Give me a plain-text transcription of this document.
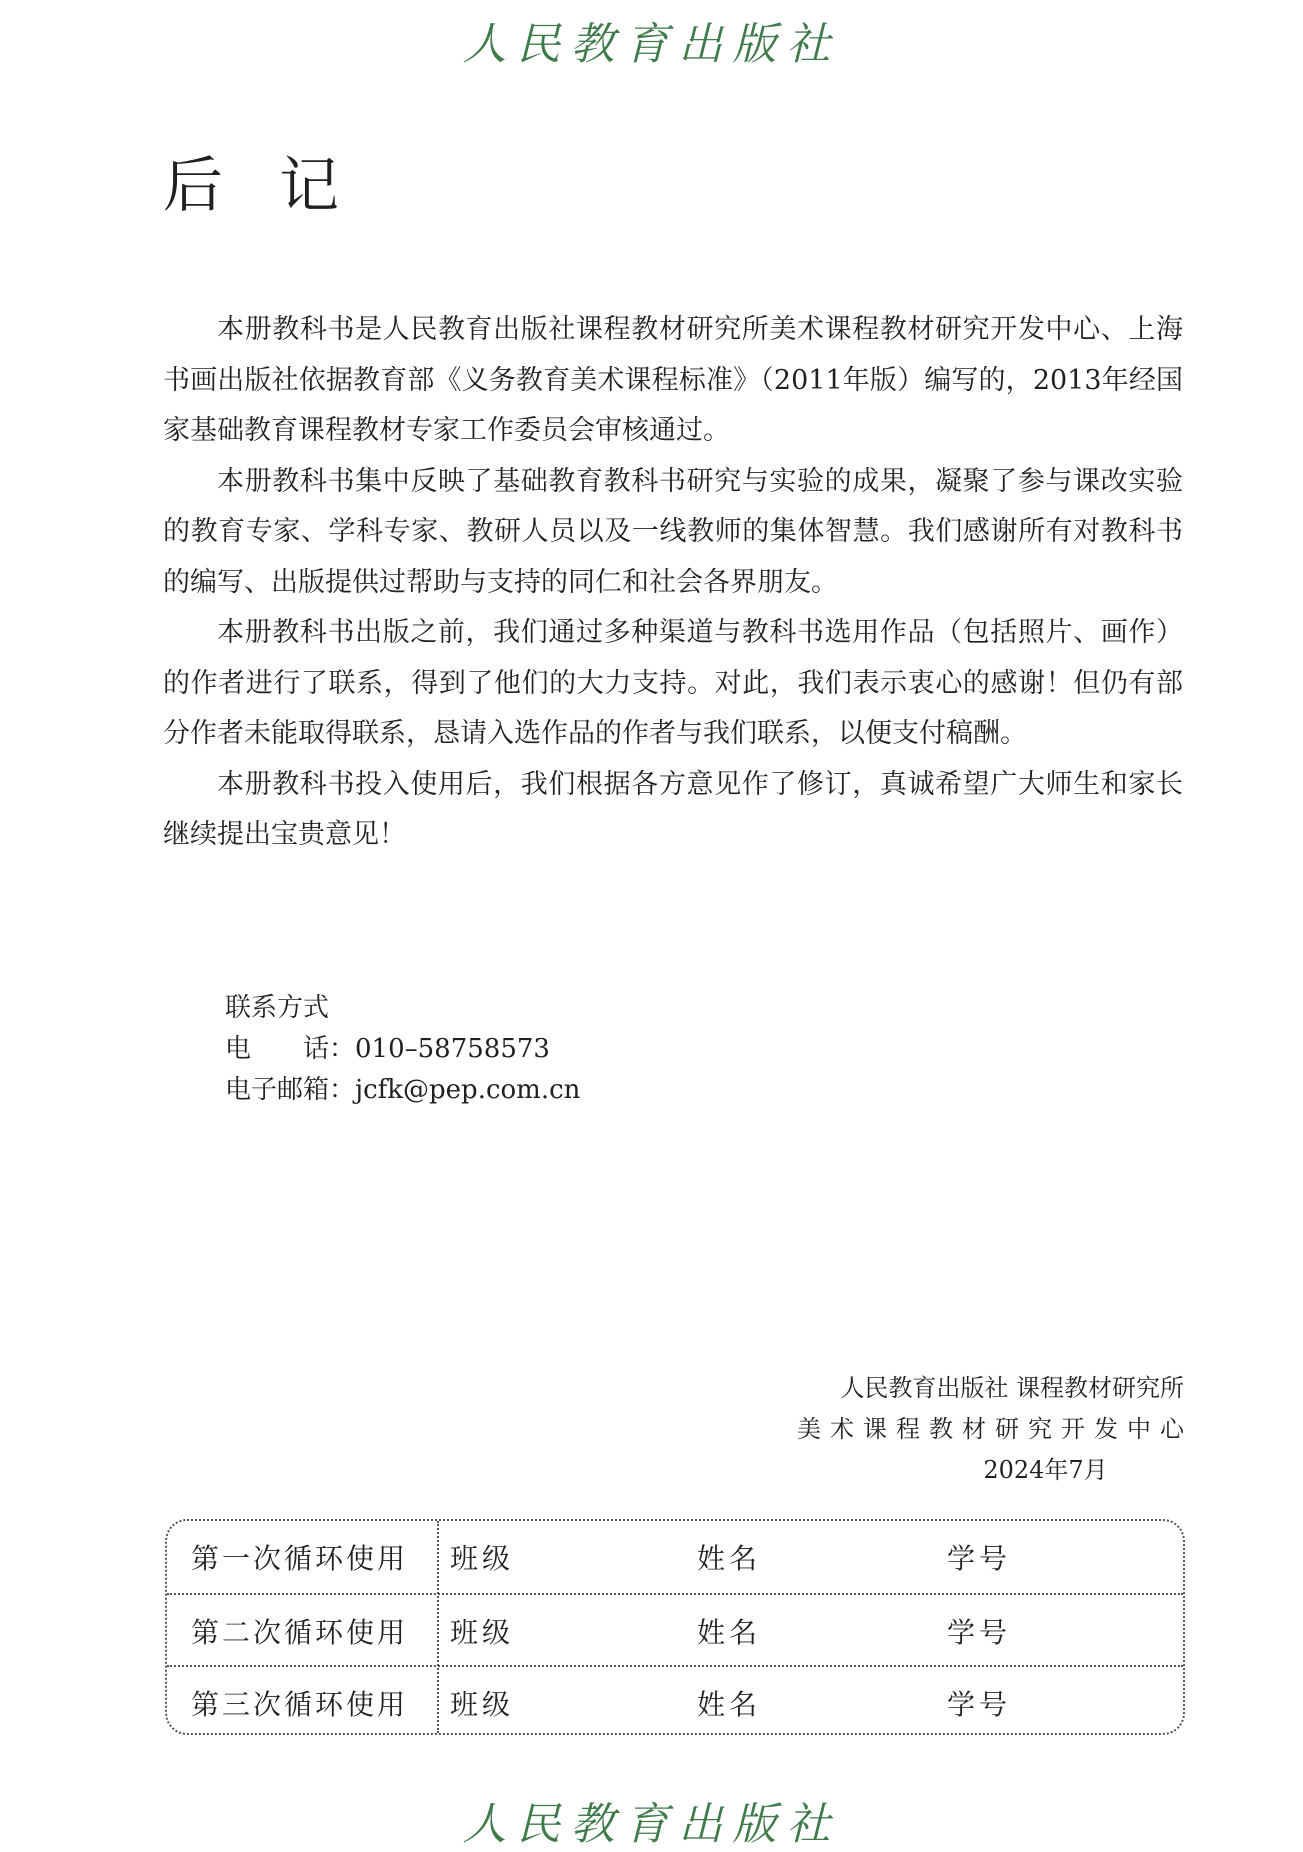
人民教育出版社
后记

本册教科书是人民教育出版社课程教材研究所美术课程教材研究开发中心、上海书画出版社依据教育部《义务教育美术课程标准》（2011年版）编写的，2013年经国家基础教育课程教材专家工作委员会审核通过。

本册教科书集中反映了基础教育教科书研究与实验的成果，凝聚了参与课改实验的教育专家、学科专家、教研人员以及一线教师的集体智慧。我们感谢所有对教科书的编写、出版提供过帮助与支持的同仁和社会各界朋友。

本册教科书出版之前，我们通过多种渠道与教科书选用作品（包括照片、画作）的作者进行了联系，得到了他们的大力支持。对此，我们表示衷心的感谢！但仍有部分作者未能取得联系，恳请入选作品的作者与我们联系，以便支付稿酬。

本册教科书投入使用后，我们根据各方意见作了修订，真诚希望广大师生和家长继续提出宝贵意见！

联系方式
电　　话：010–58758573
电子邮箱：jcfk@pep.com.cn
人民教育出版社 课程教材研究所
美术课程教材研究开发中心
2024年7月
第一次循环使用	班级	姓名	学号
第二次循环使用	班级	姓名	学号
第三次循环使用	班级	姓名	学号
人民教育出版社
